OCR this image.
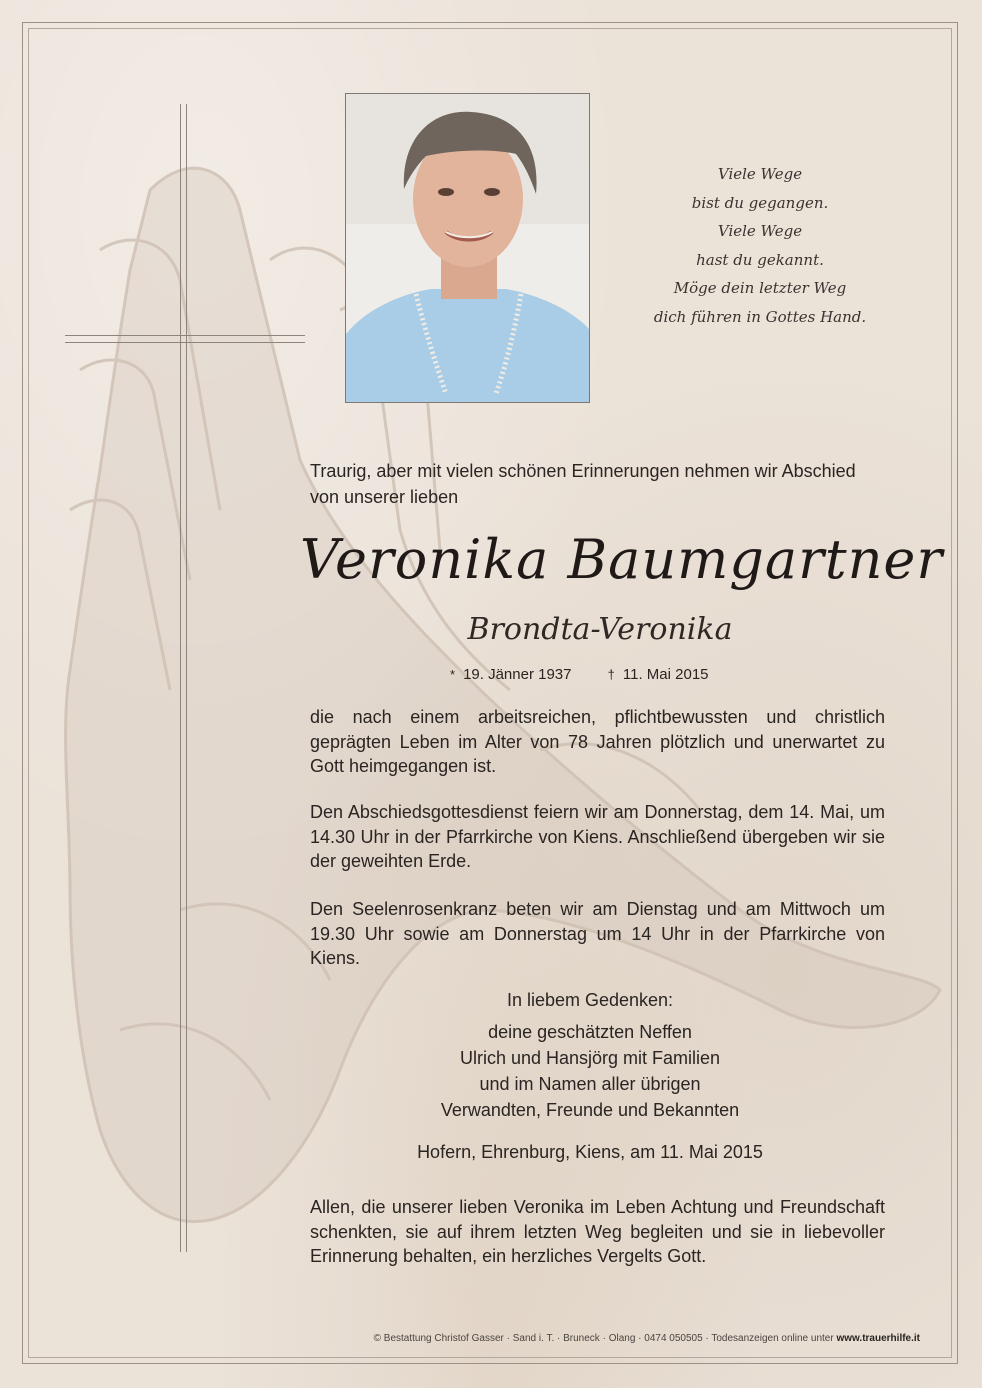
Viele Wege
bist du gegangen.
Viele Wege
hast du gekannt.
Möge dein letzter Weg
dich führen in Gottes Hand.
Traurig, aber mit vielen schönen Erinnerungen nehmen wir Abschied von unserer lieben
Veronika Baumgartner
Brondta-Veronika
* 19. Jänner 1937	† 11. Mai 2015
die nach einem arbeitsreichen, pflichtbewussten und christlich geprägten Leben im Alter von 78 Jahren plötzlich und unerwartet zu Gott heimgegangen ist.
Den Abschiedsgottesdienst feiern wir am Donnerstag, dem 14. Mai, um 14.30 Uhr in der Pfarrkirche von Kiens. Anschließend übergeben wir sie der geweihten Erde.
Den Seelenrosenkranz beten wir am Dienstag und am Mittwoch um 19.30 Uhr sowie am Donnerstag um 14 Uhr in der Pfarrkirche von Kiens.
In liebem Gedenken:
deine geschätzten Neffen
Ulrich und Hansjörg mit Familien
und im Namen aller übrigen
Verwandten, Freunde und Bekannten
Hofern, Ehrenburg, Kiens, am 11. Mai 2015
Allen, die unserer lieben Veronika im Leben Achtung und Freundschaft schenkten, sie auf ihrem letzten Weg begleiten und sie in liebevoller Erinnerung behalten, ein herzliches Vergelts Gott.
© Bestattung Christof Gasser · Sand i. T. · Bruneck · Olang · 0474 050505 · Todesanzeigen online unter www.trauerhilfe.it
